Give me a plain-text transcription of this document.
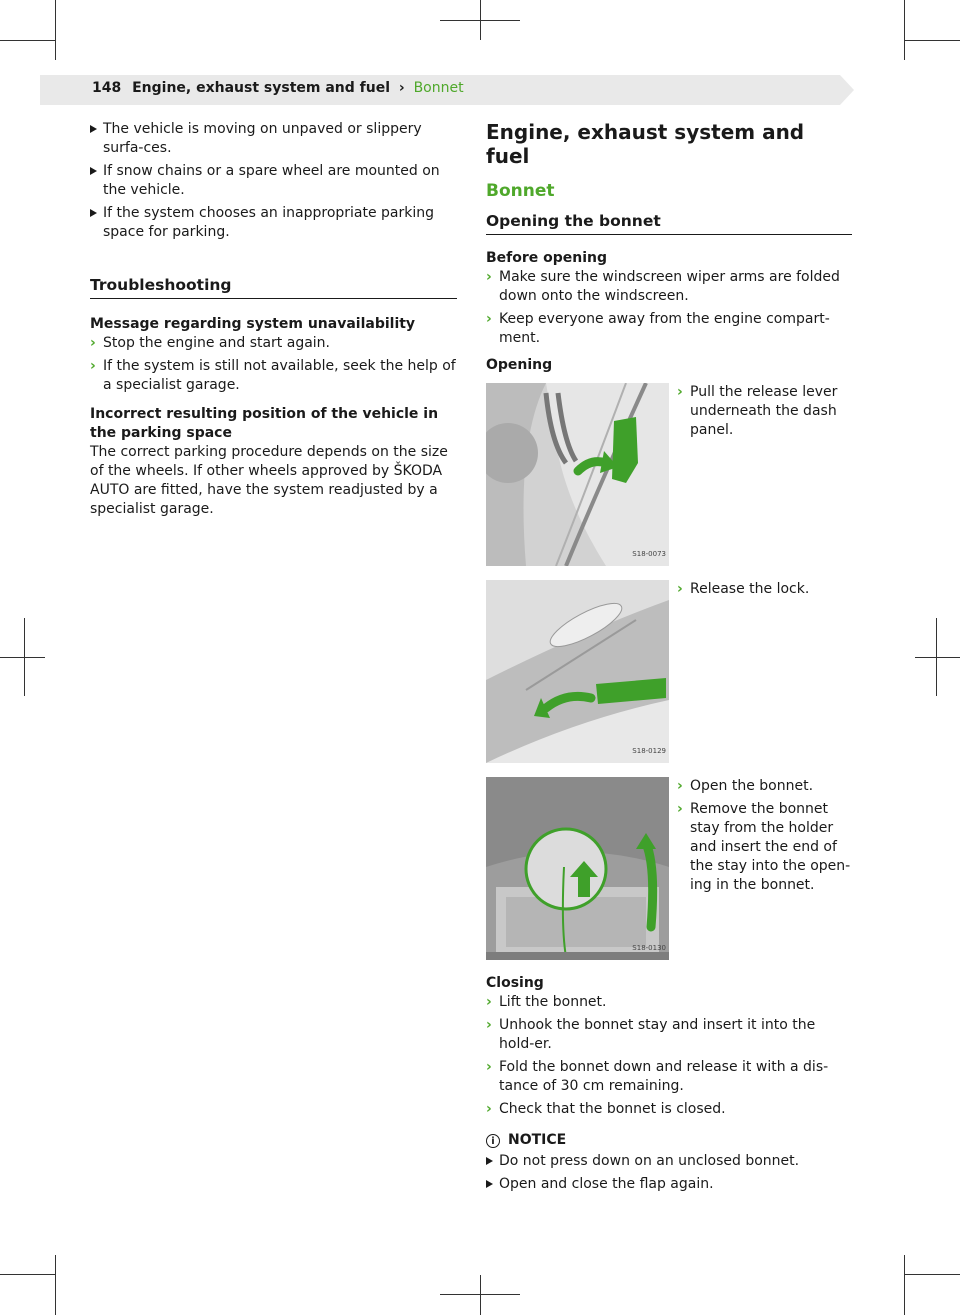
148 Engine, exhaust system and fuel › Bonnet
The vehicle is moving on unpaved or slippery surfa-ces.
If snow chains or a spare wheel are mounted on the vehicle.
If the system chooses an inappropriate parking space for parking.
Troubleshooting
Message regarding system unavailability
› Stop the engine and start again.
› If the system is still not available, seek the help of a specialist garage.
Incorrect resulting position of the vehicle in the parking space

The correct parking procedure depends on the size of the wheels. If other wheels approved by ŠKODA AUTO are fitted, have the system readjusted by a specialist garage.

Engine, exhaust system and fuel
Bonnet
Opening the bonnet
Before opening
› Make sure the windscreen wiper arms are folded down onto the windscreen.
› Keep everyone away from the engine compart-ment.
Opening
S18-0073
› Pull the release lever underneath the dash panel.
S18-0129
› Release the lock.
S18-0130
› Open the bonnet.
› Remove the bonnet stay from the holder and insert the end of the stay into the open-ing in the bonnet.
Closing
› Lift the bonnet.
› Unhook the bonnet stay and insert it into the hold-er.
› Fold the bonnet down and release it with a dis-tance of 30 cm remaining.
› Check that the bonnet is closed.
i NOTICE
Do not press down on an unclosed bonnet.
Open and close the flap again.
